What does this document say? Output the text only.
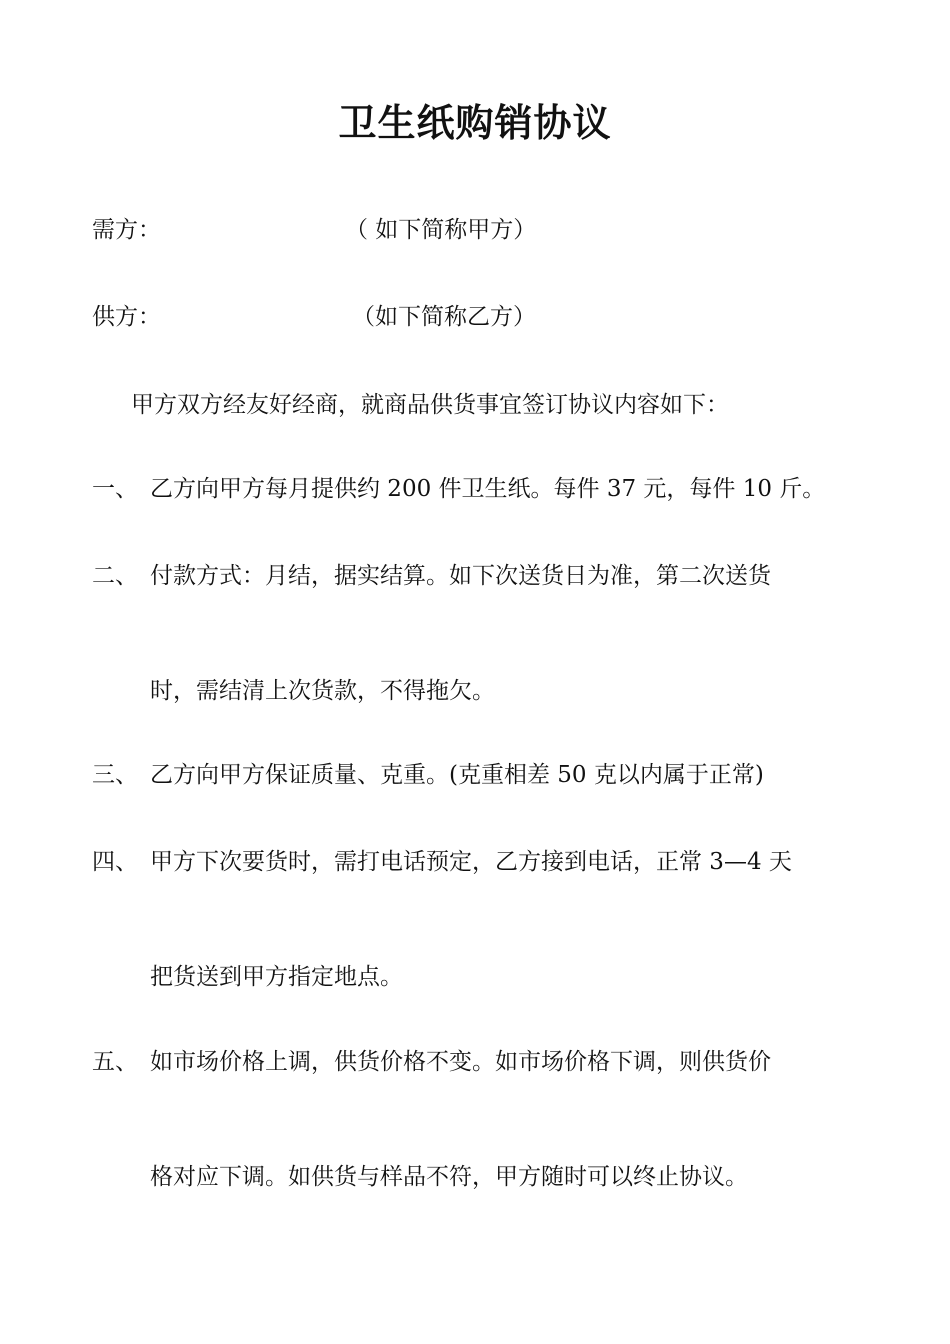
卫生纸购销协议
需方：	（ 如下简称甲方）
供方：	（如下简称乙方）
甲方双方经友好经商，就商品供货事宜签订协议内容如下：
一、 乙方向甲方每月提供约 200 件卫生纸。每件 37 元，每件 10 斤。
二、 付款方式：月结，据实结算。如下次送货日为准，第二次送货
时，需结清上次货款，不得拖欠。
三、 乙方向甲方保证质量、克重。(克重相差 50 克以内属于正常)
四、 甲方下次要货时，需打电话预定，乙方接到电话，正常 3—4 天
把货送到甲方指定地点。
五、 如市场价格上调，供货价格不变。如市场价格下调，则供货价
格对应下调。如供货与样品不符，甲方随时可以终止协议。
